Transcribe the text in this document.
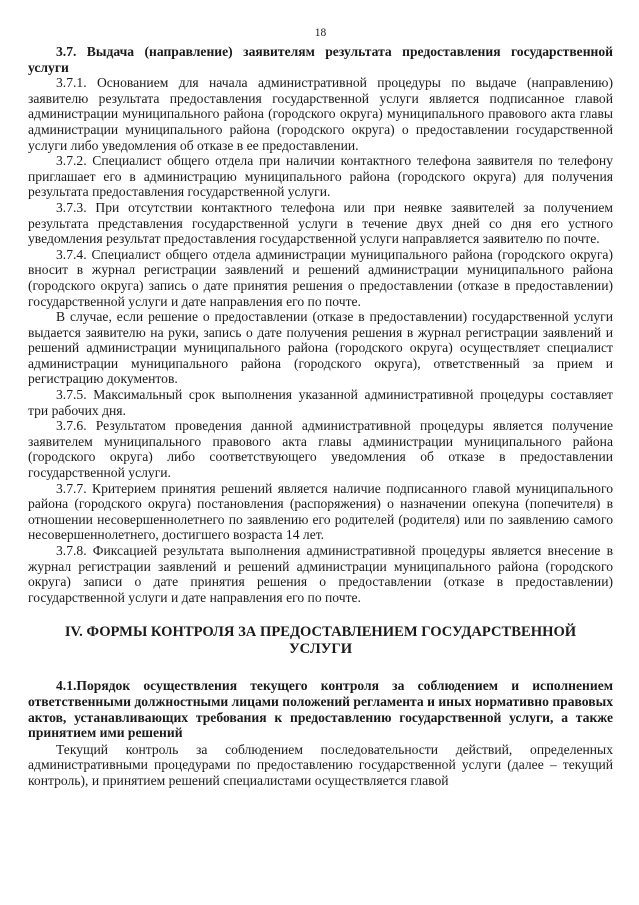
18

3.7. Выдача (направление) заявителям результата предоставления государственной услуги

3.7.1. Основанием для начала административной процедуры по выдаче (направлению) заявителю результата предоставления государственной услуги является подписанное главой администрации муниципального района (городского округа) муниципального правового акта главы администрации муниципального района (городского округа) о предоставлении государственной услуги либо уведомления об отказе в ее предоставлении.

3.7.2. Специалист общего отдела при наличии контактного телефона заявителя по телефону приглашает его в администрацию муниципального района (городского округа) для получения результата предоставления государственной услуги.

3.7.3. При отсутствии контактного телефона или при неявке заявителей за получением результата представления государственной услуги в течение двух дней со дня его устного уведомления результат предоставления государственной услуги направляется заявителю по почте.

3.7.4. Специалист общего отдела администрации муниципального района (городского округа) вносит в журнал регистрации заявлений и решений администрации муниципального района (городского округа) запись о дате принятия решения о предоставлении (отказе в предоставлении) государственной услуги и дате направления его по почте.

В случае, если решение о предоставлении (отказе в предоставлении) государственной услуги выдается заявителю на руки, запись о дате получения решения в журнал регистрации заявлений и решений администрации муниципального района (городского округа) осуществляет специалист администрации муниципального района (городского округа), ответственный за прием и регистрацию документов.

3.7.5. Максимальный срок выполнения указанной административной процедуры составляет три рабочих дня.

3.7.6. Результатом проведения данной административной процедуры является получение заявителем муниципального правового акта главы администрации муниципального района (городского округа) либо соответствующего уведомления об отказе в предоставлении государственной услуги.

3.7.7. Критерием принятия решений является наличие подписанного главой муниципального района (городского округа) постановления (распоряжения) о назначении опекуна (попечителя) в отношении несовершеннолетнего по заявлению его родителей (родителя) или по заявлению самого несовершеннолетнего, достигшего возраста 14 лет.

3.7.8. Фиксацией результата выполнения административной процедуры является внесение в журнал регистрации заявлений и решений администрации муниципального района (городского округа) записи о дате принятия решения о предоставлении (отказе в предоставлении) государственной услуги и дате направления его по почте.

IV. ФОРМЫ КОНТРОЛЯ ЗА ПРЕДОСТАВЛЕНИЕМ ГОСУДАРСТВЕННОЙ УСЛУГИ

4.1.Порядок осуществления текущего контроля за соблюдением и исполнением ответственными должностными лицами положений регламента и иных нормативно правовых актов, устанавливающих требования к предоставлению государственной услуги, а также принятием ими решений

Текущий контроль за соблюдением последовательности действий, определенных административными процедурами по предоставлению государственной услуги (далее – текущий контроль), и принятием решений специалистами осуществляется главой
